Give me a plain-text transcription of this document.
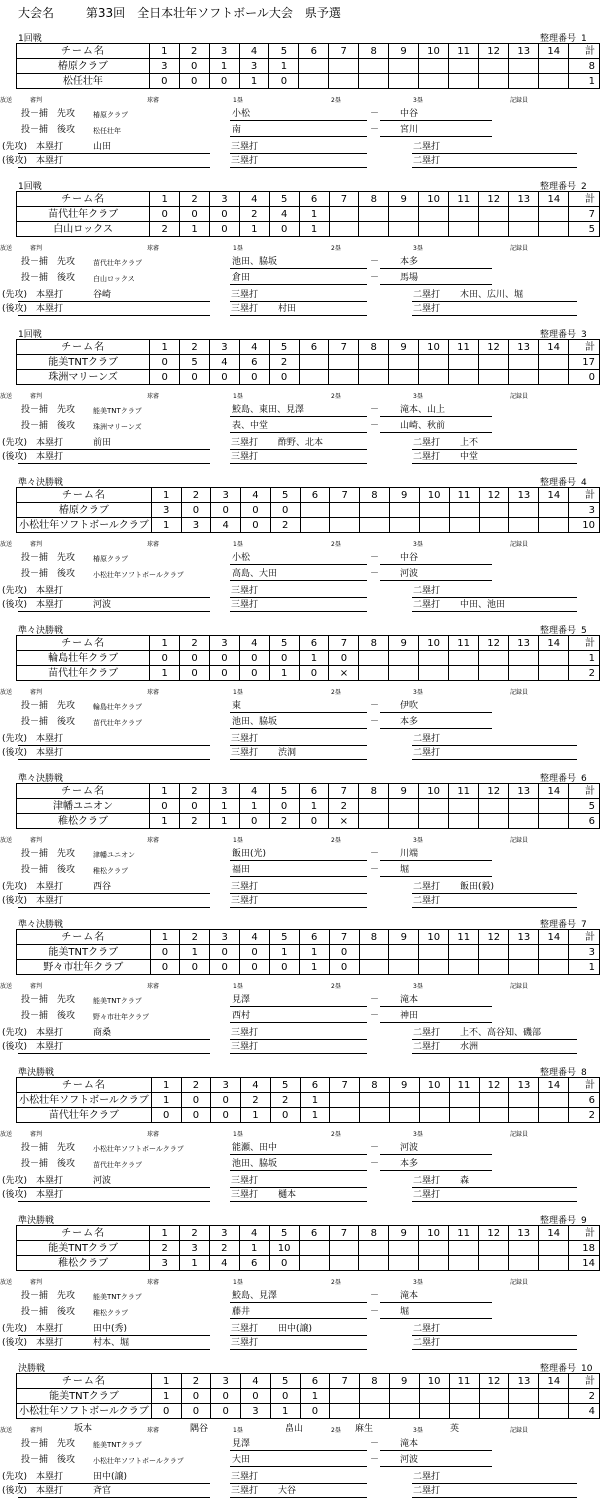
大会名	第33回　全日本壮年ソフトボール大会　県予選
1回戦	整理番号 1
チーム名	1	2	3	4	5	6	7	8	9	10	11	12	13	14	計
椿原クラブ	3	0	1	3	1										8
松任壮年	0	0	0	1	0										1
審判	球審	1塁	2塁	3塁	記録員
放送
投－捕　先攻	椿原クラブ	小松	－ 中谷
投－捕　後攻	松任壮年	南	－ 宮川
(先攻)　本塁打	山田	三塁打	二塁打
(後攻)　本塁打	三塁打	二塁打
1回戦	整理番号 2
チーム名	1	2	3	4	5	6	7	8	9	10	11	12	13	14	計
苗代壮年クラブ	0	0	0	2	4	1									7
白山ロックス	2	1	0	1	0	1									5
審判	球審	1塁	2塁	3塁	記録員
放送
投－捕　先攻	苗代壮年クラブ	池田、脇坂	－ 本多
投－捕　後攻	白山ロックス	倉田	－ 馬場
(先攻)　本塁打	谷崎	三塁打	二塁打 木田、広川、堀
(後攻)　本塁打	三塁打 村田	二塁打
1回戦	整理番号 3
チーム名	1	2	3	4	5	6	7	8	9	10	11	12	13	14	計
能美TNTクラブ	0	5	4	6	2										17
珠洲マリーンズ	0	0	0	0	0										0
審判	球審	1塁	2塁	3塁	記録員
放送
投－捕　先攻	能美TNTクラブ	鮫島、東田、見澤	－ 滝本、山上
投－捕　後攻	珠洲マリーンズ	表、中堂	－ 山崎、秋前
(先攻)　本塁打	前田	三塁打 酢野、北本	二塁打 上不
(後攻)　本塁打	三塁打	二塁打 中堂
準々決勝戦	整理番号 4
チーム名	1	2	3	4	5	6	7	8	9	10	11	12	13	14	計
椿原クラブ	3	0	0	0	0										3
小松壮年ソフトボールクラブ	1	3	4	0	2										10
審判	球審	1塁	2塁	3塁	記録員
放送
投－捕　先攻	椿原クラブ	小松	－ 中谷
投－捕　後攻	小松壮年ソフトボールクラブ	高島、大田	－ 河波
(先攻)　本塁打	三塁打	二塁打
(後攻)　本塁打	河波	三塁打	二塁打 中田、池田
準々決勝戦	整理番号 5
チーム名	1	2	3	4	5	6	7	8	9	10	11	12	13	14	計
輪島壮年クラブ	0	0	0	0	0	1	0								1
苗代壮年クラブ	1	0	0	0	1	0	×								2
審判	球審	1塁	2塁	3塁	記録員
放送
投－捕　先攻	輪島壮年クラブ	東	－ 伊吹
投－捕　後攻	苗代壮年クラブ	池田、脇坂	－ 本多
(先攻)　本塁打	三塁打	二塁打
(後攻)　本塁打	三塁打 渋洞	二塁打
準々決勝戦	整理番号 6
チーム名	1	2	3	4	5	6	7	8	9	10	11	12	13	14	計
津幡ユニオン	0	0	1	1	0	1	2								5
稚松クラブ	1	2	1	0	2	0	×								6
審判	球審	1塁	2塁	3塁	記録員
放送
投－捕　先攻	津幡ユニオン	飯田(光)	－ 川端
投－捕　後攻	稚松クラブ	福田	－ 堀
(先攻)　本塁打	西谷	三塁打	二塁打 飯田(毅)
(後攻)　本塁打	三塁打	二塁打
準々決勝戦	整理番号 7
チーム名	1	2	3	4	5	6	7	8	9	10	11	12	13	14	計
能美TNTクラブ	0	1	0	0	1	1	0								3
野々市壮年クラブ	0	0	0	0	0	1	0								1
審判	球審	1塁	2塁	3塁	記録員
放送
投－捕　先攻	能美TNTクラブ	見澤	－ 滝本
投－捕　後攻	野々市壮年クラブ	西村	－ 神田
(先攻)　本塁打	商桑	三塁打	二塁打 上不、高谷知、磯部
(後攻)　本塁打	三塁打	二塁打 水洲
準決勝戦	整理番号 8
チーム名	1	2	3	4	5	6	7	8	9	10	11	12	13	14	計
小松壮年ソフトボールクラブ	1	0	0	2	2	1									6
苗代壮年クラブ	0	0	0	1	0	1									2
審判	球審	1塁	2塁	3塁	記録員
放送
投－捕　先攻	小松壮年ソフトボールクラブ	能瀬、田中	－ 河波
投－捕　後攻	苗代壮年クラブ	池田、脇坂	－ 本多
(先攻)　本塁打	河波	三塁打	二塁打 森
(後攻)　本塁打	三塁打 樋本	二塁打
準決勝戦	整理番号 9
チーム名	1	2	3	4	5	6	7	8	9	10	11	12	13	14	計
能美TNTクラブ	2	3	2	1	10										18
稚松クラブ	3	1	4	6	0										14
審判	球審	1塁	2塁	3塁	記録員
放送
投－捕　先攻	能美TNTクラブ	鮫島、見澤	－ 滝本
投－捕　後攻	稚松クラブ	藤井	－ 堀
(先攻)　本塁打	田中(秀)	三塁打 田中(譲)	二塁打
(後攻)　本塁打	村本、堀	三塁打	二塁打
決勝戦	整理番号 10
チーム名	1	2	3	4	5	6	7	8	9	10	11	12	13	14	計
能美TNTクラブ	1	0	0	0	0	1									2
小松壮年ソフトボールクラブ	0	0	0	3	1	0									4
審判	球審	1塁	2塁	3塁	記録員
放送	坂本	隅谷	畠山	麻生	英
投－捕　先攻	能美TNTクラブ	見澤	－ 滝本
投－捕　後攻	小松壮年ソフトボールクラブ	大田	－ 河波
(先攻)　本塁打	田中(譲)	三塁打	二塁打
(後攻)　本塁打	斉官	三塁打 大谷	二塁打
